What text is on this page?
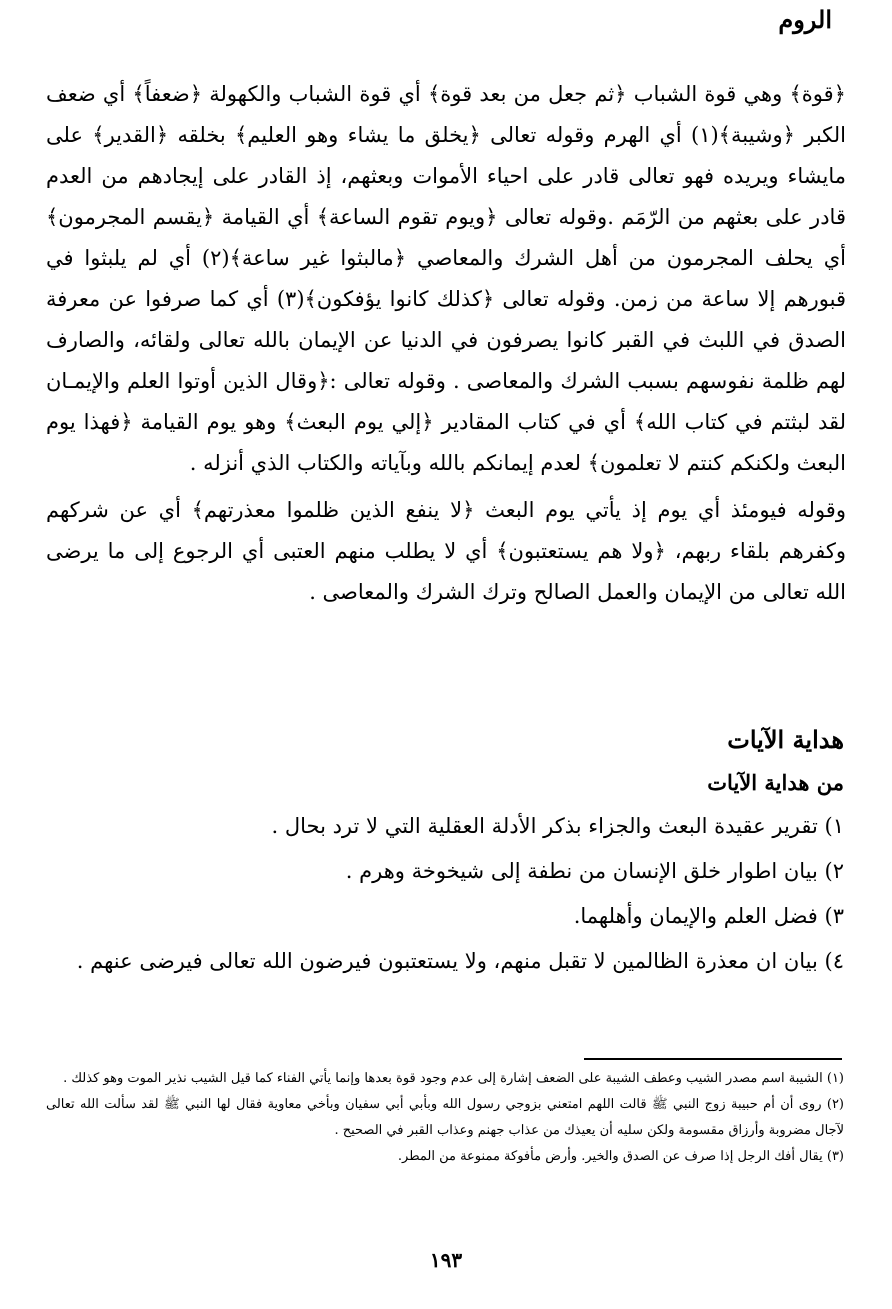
الروم

﴿قوة﴾ وهي قوة الشباب ﴿ثم جعل من بعد قوة﴾ أي قوة الشباب والكهولة ﴿ضعفاً﴾ أي ضعف الكبر ﴿وشيبة﴾(١) أي الهرم وقوله تعالى ﴿يخلق ما يشاء وهو العليم﴾ بخلقه ﴿القدير﴾ على مايشاء ويريده فهو تعالى قادر على احياء الأموات وبعثهم، إذ القادر على إيجادهم من العدم قادر على بعثهم من الرّمَم .وقوله تعالى ﴿ويوم تقوم الساعة﴾ أي القيامة ﴿يقسم المجرمون﴾ أي يحلف المجرمون من أهل الشرك والمعاصي ﴿مالبثوا غير ساعة﴾(٢) أي لم يلبثوا في قبورهم إلا ساعة من زمن. وقوله تعالى ﴿كذلك كانوا يؤفكون﴾(٣) أي كما صرفوا عن معرفة الصدق في اللبث في القبر كانوا يصرفون في الدنيا عن الإيمان بالله تعالى ولقائه، والصارف لهم ظلمة نفوسهم بسبب الشرك والمعاصى . وقوله تعالى :﴿وقال الذين أوتوا العلم والإيمـان لقد لبثتم في كتاب الله﴾ أي في كتاب المقادير ﴿إلي يوم البعث﴾ وهو يوم القيامة ﴿فهذا يوم البعث ولكنكم كنتم لا تعلمون﴾ لعدم إيمانكم بالله وبآياته والكتاب الذي أنزله .

وقوله فيومئذ أي يوم إذ يأتي يوم البعث ﴿لا ينفع الذين ظلموا معذرتهم﴾ أي عن شركهم وكفرهم بلقاء ربهم، ﴿ولا هم يستعتبون﴾ أي لا يطلب منهم العتبى أي الرجوع إلى ما يرضى الله تعالى من الإيمان والعمل الصالح وترك الشرك والمعاصى .

هداية الآيات
من هداية الآيات
١) تقرير عقيدة البعث والجزاء بذكر الأدلة العقلية التي لا ترد بحال .
٢) بيان اطوار خلق الإنسان من نطفة إلى شيخوخة وهرم .
٣) فضل العلم والإيمان وأهلهما.
٤) بيان ان معذرة الظالمين لا تقبل منهم، ولا يستعتبون فيرضون الله تعالى فيرضى عنهم .
(١) الشيبة اسم مصدر الشيب وعطف الشيبة على الضعف إشارة إلى عدم وجود قوة بعدها وإنما يأتي الفناء كما قيل الشيب نذير الموت وهو كذلك .
(٢) روى أن أم حبيبة زوج النبي ﷺ قالت اللهم امتعني بزوجي رسول الله وبأبي أبي سفيان وبأخي معاوية فقال لها النبي ﷺ لقد سألت الله تعالى لآجال مضروبة وأرزاق مقسومة ولكن سليه أن يعيذك من عذاب جهنم وعذاب القبر في الصحيح .
(٣) يقال أفك الرجل إذا صرف عن الصدق والخير. وأرض مأفوكة ممنوعة من المطر.
١٩٣
